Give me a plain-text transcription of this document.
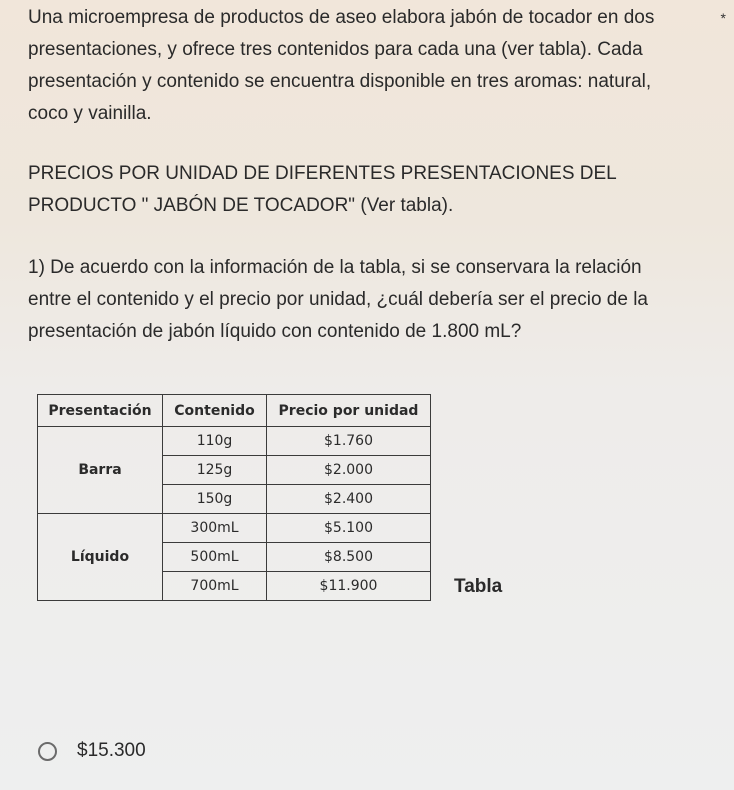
Una microempresa de productos de aseo elabora jabón de tocador en dos
presentaciones, y ofrece tres contenidos para cada una (ver tabla). Cada
presentación y contenido se encuentra disponible en tres aromas: natural,
coco y vainilla.
*
PRECIOS POR UNIDAD DE DIFERENTES PRESENTACIONES DEL
PRODUCTO " JABÓN DE TOCADOR" (Ver tabla).
1) De acuerdo con la información de la tabla, si se conservara la relación
entre el contenido y el precio por unidad, ¿cuál debería ser el precio de la
presentación de jabón líquido con contenido de 1.800 mL?
Presentación	Contenido	Precio por unidad
Barra	110g	$1.760
	125g	$2.000
	150g	$2.400
Líquido	300mL	$5.100
	500mL	$8.500
	700mL	$11.900	Tabla
$15.300
